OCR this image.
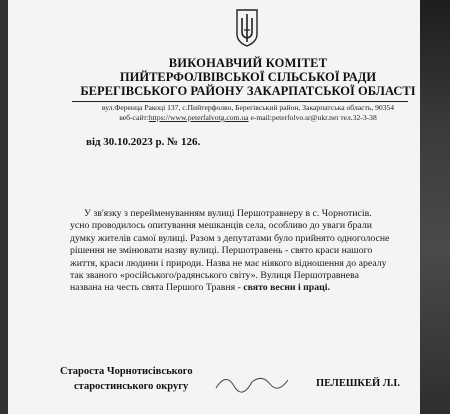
ВИКОНАВЧИЙ КОМІТЕТ
ПИЙТЕРФОЛВІВСЬКОЇ СІЛЬСЬКОЇ РАДИ
БЕРЕГІВСЬКОГО РАЙОНУ ЗАКАРПАТСЬКОЇ ОБЛАСТІ
вул.Ференца Ракоцi 137, с.Пийтерфолво, Берегівський район, Закарпатська область, 90354
веб-сайт:https://www.peterfalvotg.com.ua e-mail:peterfolvo.sr@ukr.net тел.32-3-38
від 30.10.2023 р. № 126.
У зв'язку з перейменуванням вулиці Першотравнеру в с. Чорнотисів.
усно проводилось опитування мешканців села, особливо до уваги брали
думку жителів самої вулиці. Разом з депутатами було прийнято одноголосне
рішення не змінювати назву вулиці. Першотравень - свято краси нашого
життя, краси людини і природи. Назва не має ніякого відношення до ареалу
так званого «російського/радянського світу». Вулиця Першотравнева
названа на честь свята Першого Травня - свято весни і праці.
Староста Чорнотисівського
старостинського округу	ПЕЛЕШКЕЙ Л.І.
